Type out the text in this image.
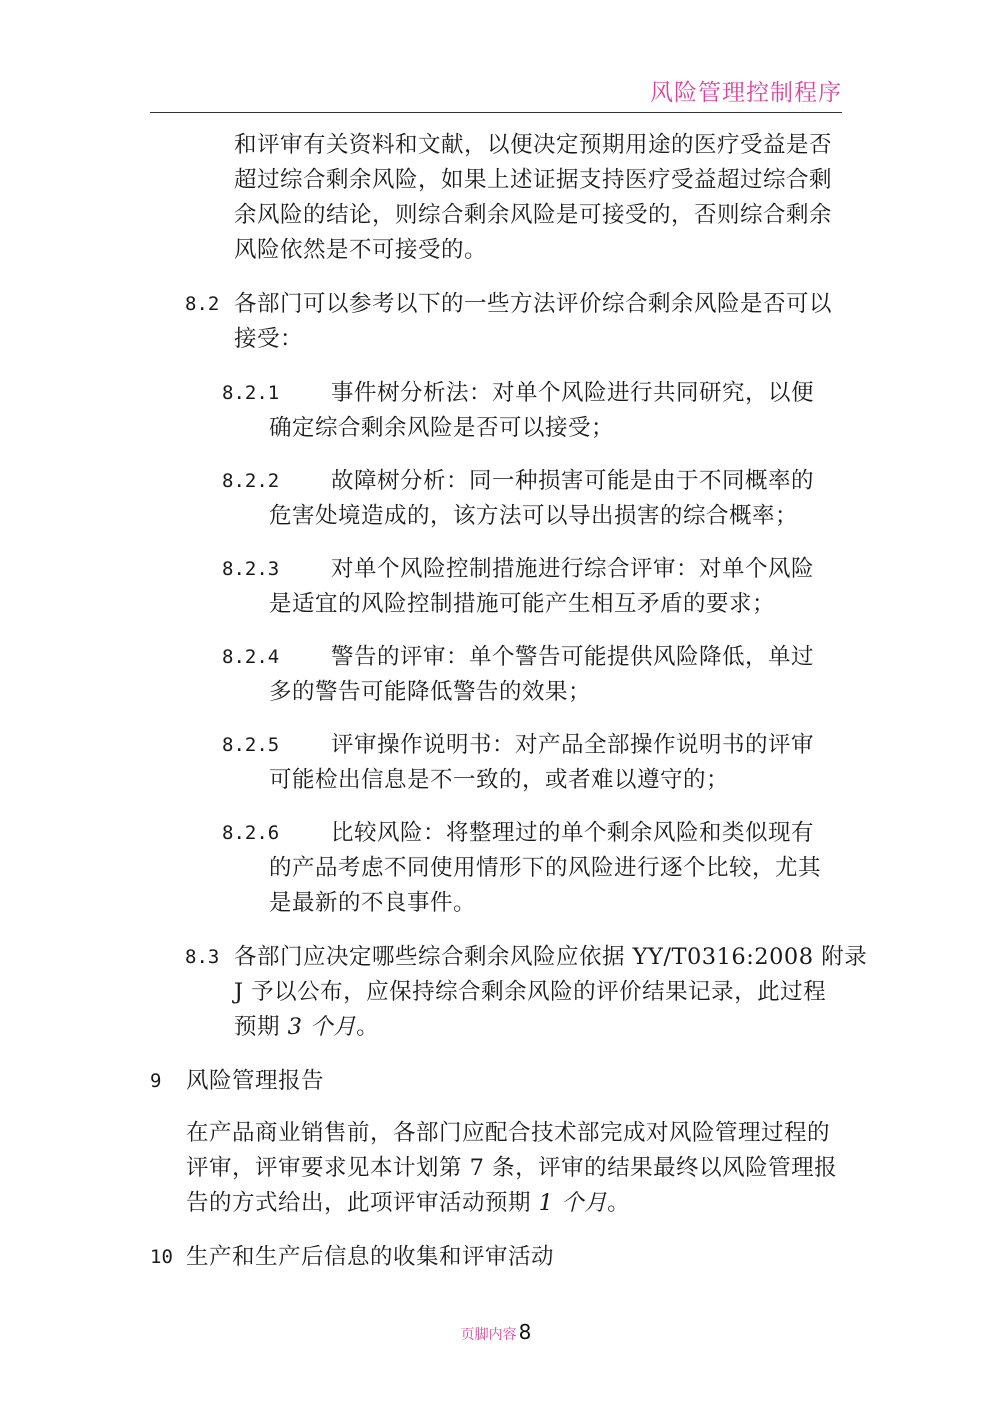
风险管理控制程序
和评审有关资料和文献，以便决定预期用途的医疗受益是否
超过综合剩余风险，如果上述证据支持医疗受益超过综合剩
余风险的结论，则综合剩余风险是可接受的，否则综合剩余
风险依然是不可接受的。
8.2 各部门可以参考以下的一些方法评价综合剩余风险是否可以
接受：
8.2.1 事件树分析法：对单个风险进行共同研究，以便
确定综合剩余风险是否可以接受；
8.2.2 故障树分析：同一种损害可能是由于不同概率的
危害处境造成的，该方法可以导出损害的综合概率；
8.2.3 对单个风险控制措施进行综合评审：对单个风险
是适宜的风险控制措施可能产生相互矛盾的要求；
8.2.4 警告的评审：单个警告可能提供风险降低，单过
多的警告可能降低警告的效果；
8.2.5 评审操作说明书：对产品全部操作说明书的评审
可能检出信息是不一致的，或者难以遵守的；
8.2.6 比较风险：将整理过的单个剩余风险和类似现有
的产品考虑不同使用情形下的风险进行逐个比较，尤其
是最新的不良事件。
8.3 各部门应决定哪些综合剩余风险应依据 YY/T0316:2008 附录
J 予以公布，应保持综合剩余风险的评价结果记录，此过程
预期 3 个月。
9 风险管理报告
在产品商业销售前，各部门应配合技术部完成对风险管理过程的
评审，评审要求见本计划第 7 条，评审的结果最终以风险管理报
告的方式给出，此项评审活动预期 1 个月。
10 生产和生产后信息的收集和评审活动
页脚内容 8
